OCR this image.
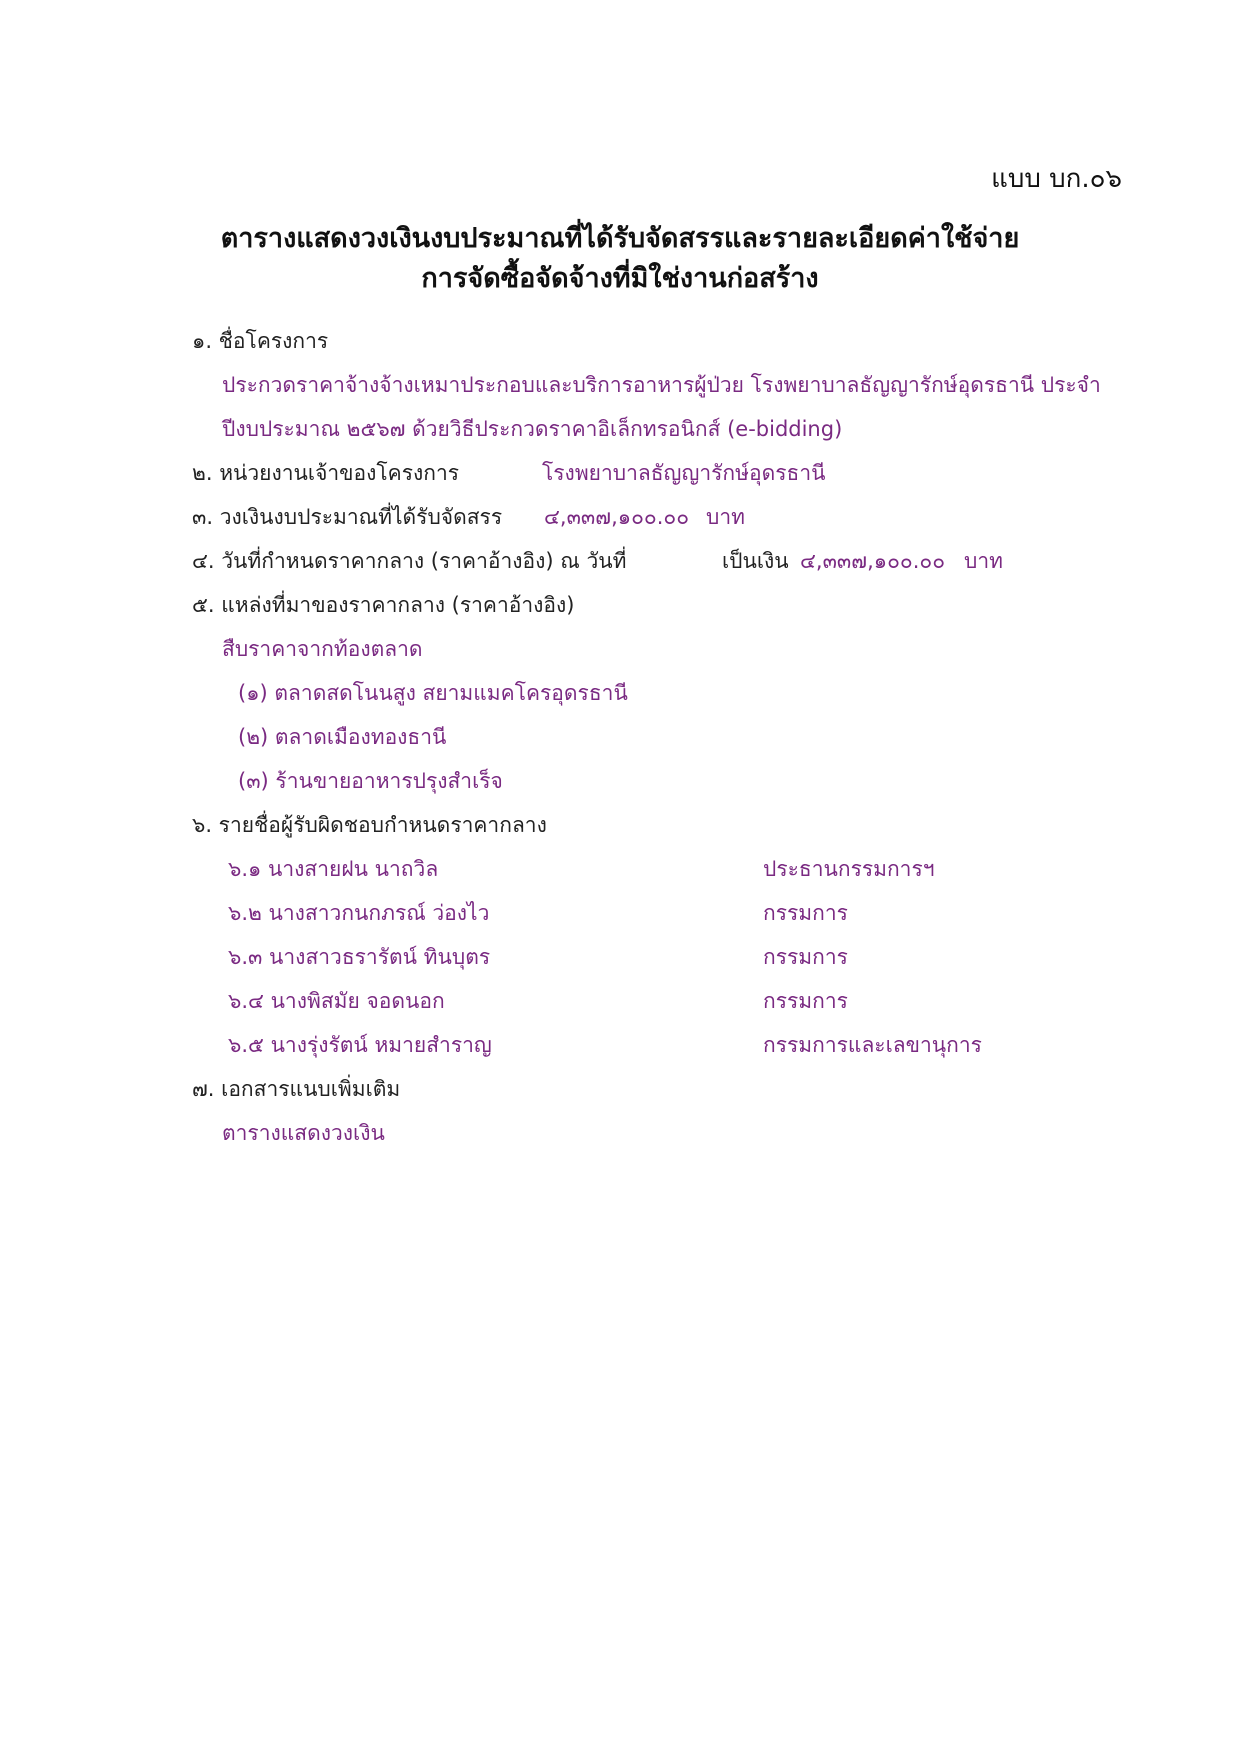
แบบ บก.๐๖
ตารางแสดงวงเงินงบประมาณที่ได้รับจัดสรรและรายละเอียดค่าใช้จ่าย
การจัดซื้อจัดจ้างที่มิใช่งานก่อสร้าง
๑. ชื่อโครงการ
ประกวดราคาจ้างจ้างเหมาประกอบและบริการอาหารผู้ป่วย โรงพยาบาลธัญญารักษ์อุดรธานี ประจำ
ปีงบประมาณ ๒๕๖๗ ด้วยวิธีประกวดราคาอิเล็กทรอนิกส์ (e-bidding)
๒. หน่วยงานเจ้าของโครงการ	โรงพยาบาลธัญญารักษ์อุดรธานี
๓. วงเงินงบประมาณที่ได้รับจัดสรร ๔,๓๓๗,๑๐๐.๐๐ บาท
๔. วันที่กำหนดราคากลาง (ราคาอ้างอิง) ณ วันที่	เป็นเงิน ๔,๓๓๗,๑๐๐.๐๐ บาท
๕. แหล่งที่มาของราคากลาง (ราคาอ้างอิง)
สืบราคาจากท้องตลาด
(๑) ตลาดสดโนนสูง สยามแมคโครอุดรธานี
(๒) ตลาดเมืองทองธานี
(๓) ร้านขายอาหารปรุงสำเร็จ
๖. รายชื่อผู้รับผิดชอบกำหนดราคากลาง
๖.๑ นางสายฝน นาถวิล	ประธานกรรมการฯ
๖.๒ นางสาวกนกภรณ์ ว่องไว	กรรมการ
๖.๓ นางสาวธรารัตน์ ทินบุตร	กรรมการ
๖.๔ นางพิสมัย จอดนอก	กรรมการ
๖.๕ นางรุ่งรัตน์ หมายสำราญ	กรรมการและเลขานุการ
๗. เอกสารแนบเพิ่มเติม
ตารางแสดงวงเงิน
